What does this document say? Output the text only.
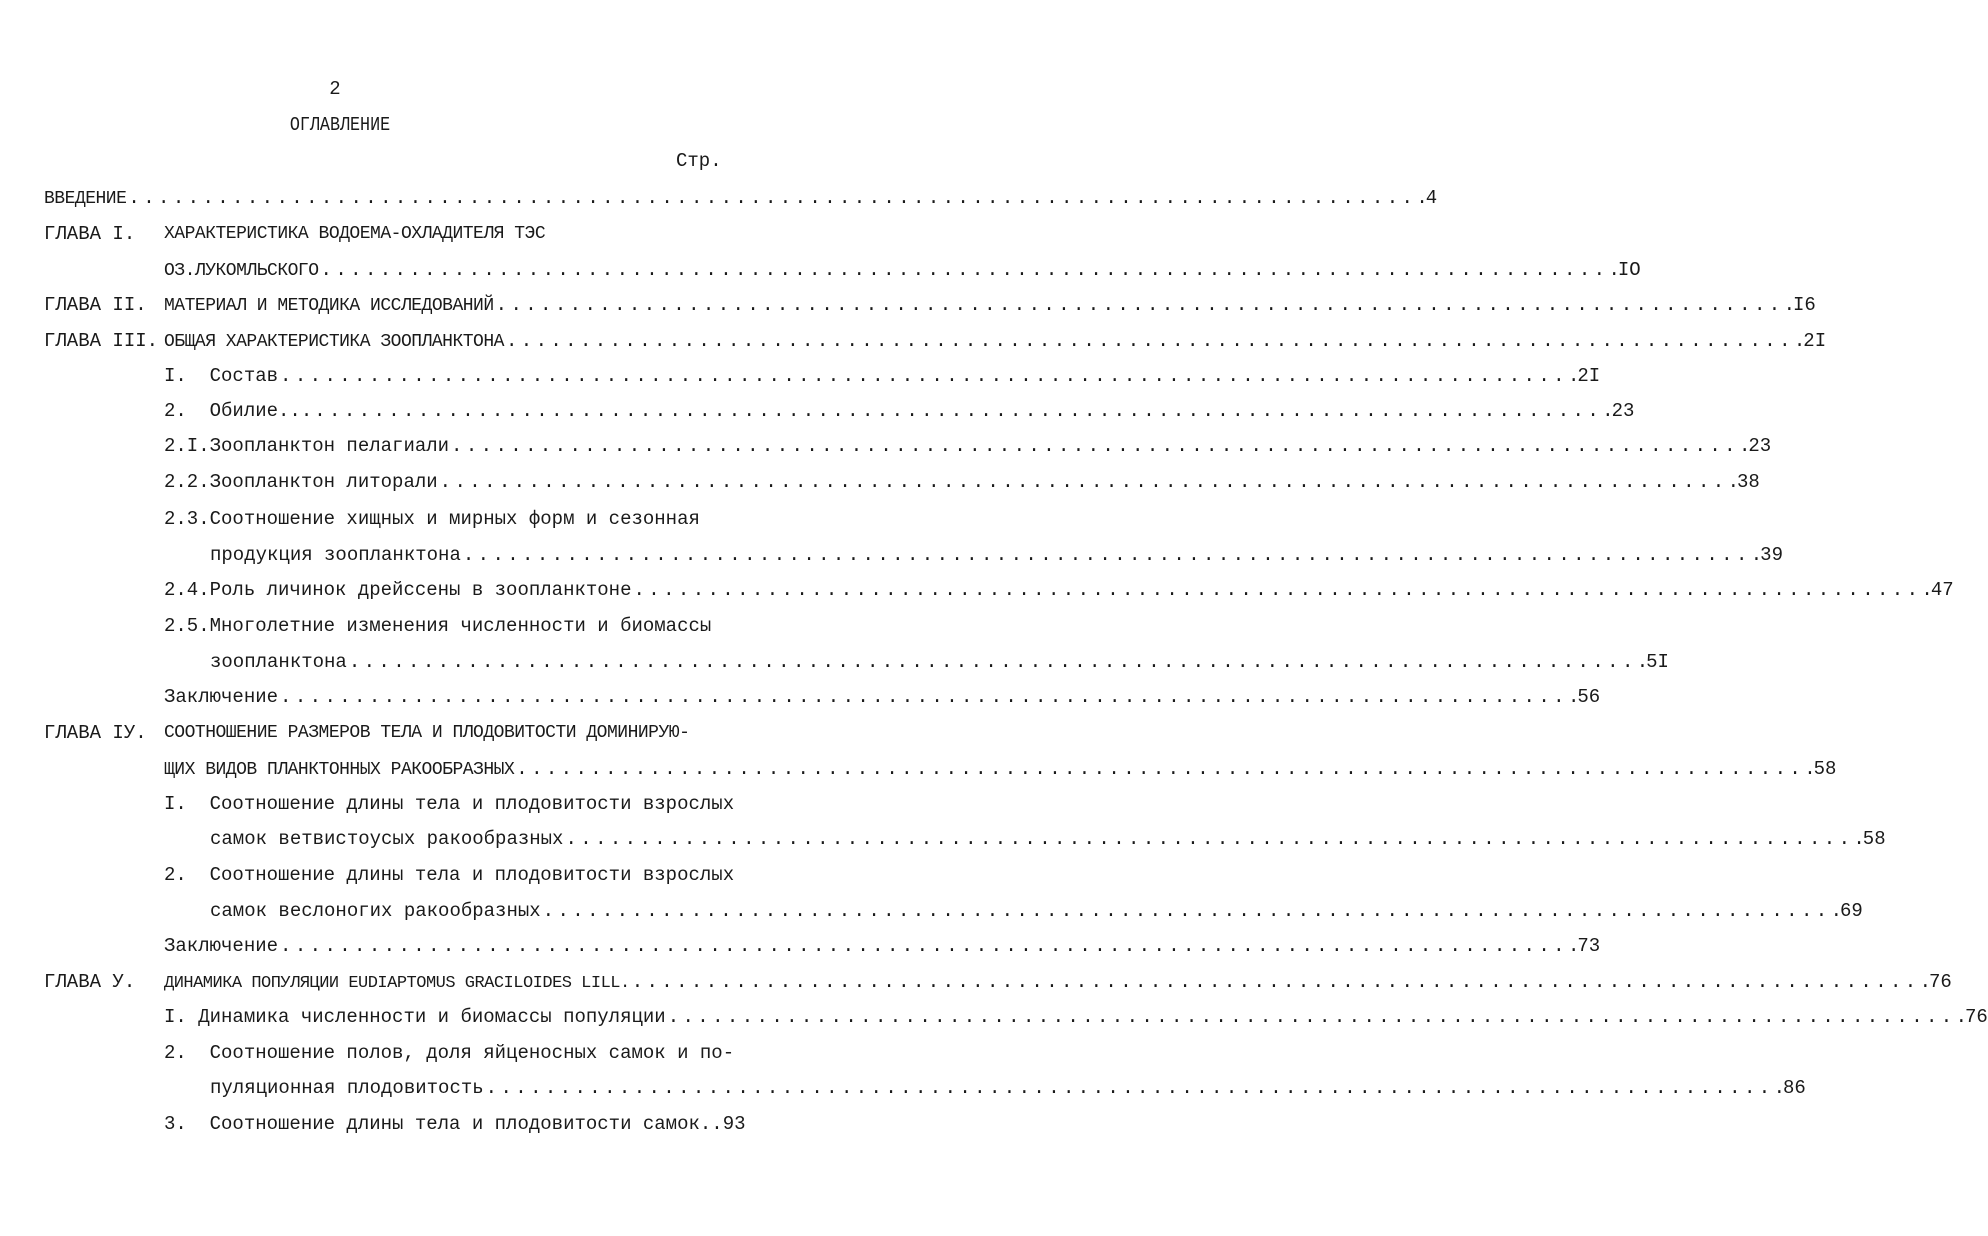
2
ОГЛАВЛЕНИЕ
Стр.
ВВЕДЕНИЕ . . .	4
ГЛАВА I. ХАРАКТЕРИСТИКА ВОДОЕМА-ОХЛАДИТЕЛЯ ТЭС
ОЗ.ЛУКОМЛЬСКОГО . . .	IO
ГЛАВА II. МАТЕРИАЛ И МЕТОДИКА ИССЛЕДОВАНИЙ . . .	I6
ГЛАВА III. ОБЩАЯ ХАРАКТЕРИСТИКА ЗООПЛАНКТОНА . . .	2I
I.  Состав . . .	2I
2.  Обилие... . . .	23
2.I.Зоопланктон пелагиали . . .	23
2.2.Зоопланктон литорали . . .	38
2.3.Соотношение хищных и мирных форм и сезонная
продукция зоопланктона . . .	39
2.4.Роль личинок дрейссены в зоопланктоне . . .	47
2.5.Многолетние изменения численности и биомассы
зоопланктона . . .	5I
Заключение . . .	56
ГЛАВА IУ. СООТНОШЕНИЕ РАЗМЕРОВ ТЕЛА И ПЛОДОВИТОСТИ ДОМИНИРУЮ-
ЩИХ ВИДОВ ПЛАНКТОННЫХ РАКООБРАЗНЫХ . . .	58
I.  Соотношение длины тела и плодовитости взрослых
самок ветвистоусых ракообразных . . .	58
2.  Соотношение длины тела и плодовитости взрослых
самок веслоногих ракообразных . . .	69
Заключение . . .	73
ГЛАВА У. ДИНАМИКА ПОПУЛЯЦИИ EUDIAPTOMUS GRACILOIDES LILL. . . .	76
I. Динамика численности и биомассы популяции . . .	76
2.  Соотношение полов, доля яйценосных самок и по-
пуляционная плодовитость . . .	86
3.  Соотношение длины тела и плодовитости самок.. 93
